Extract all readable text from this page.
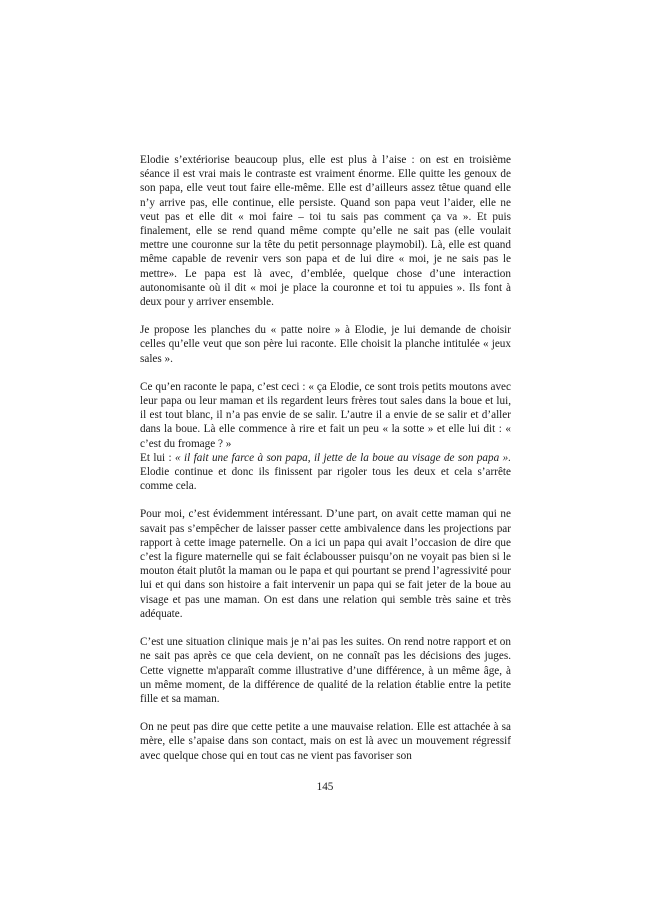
Elodie s’extériorise beaucoup plus, elle est plus à l’aise : on est en troisième séance il est vrai mais le contraste est vraiment énorme. Elle quitte les genoux de son papa, elle veut tout faire elle-même. Elle est d’ailleurs assez têtue quand elle n’y arrive pas, elle continue, elle persiste. Quand son papa veut l’aider, elle ne veut pas et elle dit « moi faire – toi tu sais pas comment ça va ». Et puis finalement, elle se rend quand même compte qu’elle ne sait pas (elle voulait mettre une couronne sur la tête du petit personnage playmobil). Là, elle est quand même capable de revenir vers son papa et de lui dire « moi, je ne sais pas le mettre». Le papa est là avec, d’emblée, quelque chose d’une interaction autonomisante où il dit « moi je place la couronne et toi tu appuies ». Ils font à deux pour y arriver ensemble.

Je propose les planches du « patte noire » à Elodie, je lui demande de choisir celles qu’elle veut que son père lui raconte. Elle choisit la planche intitulée « jeux sales ».

Ce qu’en raconte le papa, c’est ceci : « ça Elodie, ce sont trois petits moutons avec leur papa ou leur maman et ils regardent leurs frères tout sales dans la boue et lui, il est tout blanc, il n’a pas envie de se salir. L’autre il a envie de se salir et d’aller dans la boue. Là elle commence à rire et fait un peu « la sotte » et elle lui dit : « c’est du fromage ? »

Et lui : « il fait une farce à son papa, il jette de la boue au visage de son papa ». Elodie continue et donc ils finissent par rigoler tous les deux et cela s’arrête comme cela.

Pour moi, c’est évidemment intéressant. D’une part, on avait cette maman qui ne savait pas s’empêcher de laisser passer cette ambivalence dans les projections par rapport à cette image paternelle. On a ici un papa qui avait l’occasion de dire que c’est la figure maternelle qui se fait éclabousser puisqu’on ne voyait pas bien si le mouton était plutôt la maman ou le papa et qui pourtant se prend l’agressivité pour lui et qui dans son histoire a fait intervenir un papa qui se fait jeter de la boue au visage et pas une maman. On est dans une relation qui semble très saine et très adéquate.

C’est une situation clinique mais je n’ai pas les suites. On rend notre rapport et on ne sait pas après ce que cela devient, on ne connaît pas les décisions des juges. Cette vignette m'apparaît comme illustrative d’une différence, à un même âge, à un même moment, de la différence de qualité de la relation établie entre la petite fille et sa maman.

On ne peut pas dire que cette petite a une mauvaise relation. Elle est attachée à sa mère, elle s’apaise dans son contact, mais on est là avec un mouvement régressif avec quelque chose qui en tout cas ne vient pas favoriser son

145
